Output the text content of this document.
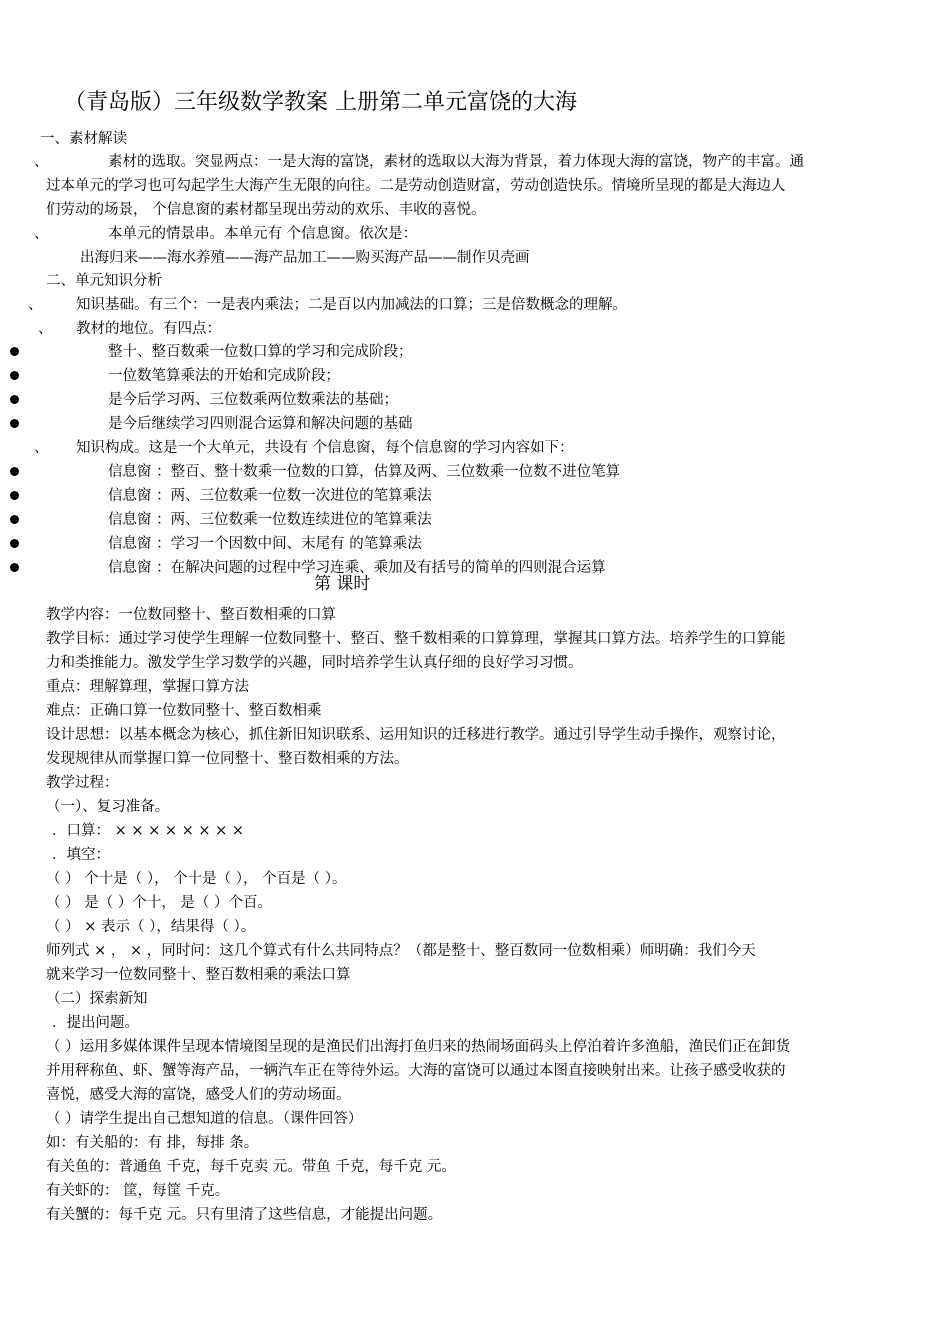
（青岛版）三年级数学教案 上册第二单元富饶的大海
一、素材解读
、	素材的选取。突显两点：一是大海的富饶，素材的选取以大海为背景，着力体现大海的富饶，物产的丰富。通
过本单元的学习也可勾起学生大海产生无限的向往。二是劳动创造财富，劳动创造快乐。情境所呈现的都是大海边人
们劳动的场景， 个信息窗的素材都呈现出劳动的欢乐、丰收的喜悦。
、	本单元的情景串。本单元有 个信息窗。依次是：
出海归来——海水养殖——海产品加工——购买海产品——制作贝壳画
二、单元知识分析
、 知识基础。有三个：一是表内乘法；二是百以内加减法的口算；三是倍数概念的理解。
、 教材的地位。有四点：
整十、整百数乘一位数口算的学习和完成阶段；
一位数笔算乘法的开始和完成阶段；
是今后学习两、三位数乘两位数乘法的基础；
是今后继续学习四则混合运算和解决问题的基础
、 知识构成。这是一个大单元，共设有 个信息窗，每个信息窗的学习内容如下：
信息窗 ：整百、整十数乘一位数的口算，估算及两、三位数乘一位数不进位笔算
信息窗 ：两、三位数乘一位数一次进位的笔算乘法
信息窗 ：两、三位数乘一位数连续进位的笔算乘法
信息窗 ：学习一个因数中间、末尾有 的笔算乘法
信息窗 ：在解决问题的过程中学习连乘、乘加及有括号的简单的四则混合运算
第 课时
教学内容：一位数同整十、整百数相乘的口算
教学目标：通过学习使学生理解一位数同整十、整百、整千数相乘的口算算理，掌握其口算方法。培养学生的口算能
力和类推能力。激发学生学习数学的兴趣，同时培养学生认真仔细的良好学习习惯。
重点：理解算理，掌握口算方法
难点：正确口算一位数同整十、整百数相乘
设计思想：以基本概念为核心，抓住新旧知识联系、运用知识的迁移进行教学。通过引导学生动手操作，观察讨论，
发现规律从而掌握口算一位同整十、整百数相乘的方法。
教学过程：
（一）、复习准备。
．口算： × × × × × × × ×
．填空：
（ ） 个十是（ ）， 个十是（ ）， 个百是（ ）。
（ ） 是（ ）个十， 是（ ）个百。
（ ） × 表示（ ），结果得（ ）。
师列式 × ， × ，同时问：这几个算式有什么共同特点？（都是整十、整百数同一位数相乘）师明确：我们今天
就来学习一位数同整十、整百数相乘的乘法口算
（二）探索新知
．提出问题。
（ ）运用多媒体课件呈现本情境图呈现的是渔民们出海打鱼归来的热闹场面码头上停泊着许多渔船，渔民们正在卸货
并用秤称鱼、虾、蟹等海产品，一辆汽车正在等待外运。大海的富饶可以通过本图直接映射出来。让孩子感受收获的
喜悦，感受大海的富饶，感受人们的劳动场面。
（ ）请学生提出自己想知道的信息。（课件回答）
如：有关船的：有 排，每排 条。
有关鱼的：普通鱼 千克，每千克卖 元。带鱼 千克，每千克 元。
有关虾的： 筐，每筐 千克。
有关蟹的：每千克 元。只有里清了这些信息，才能提出问题。
